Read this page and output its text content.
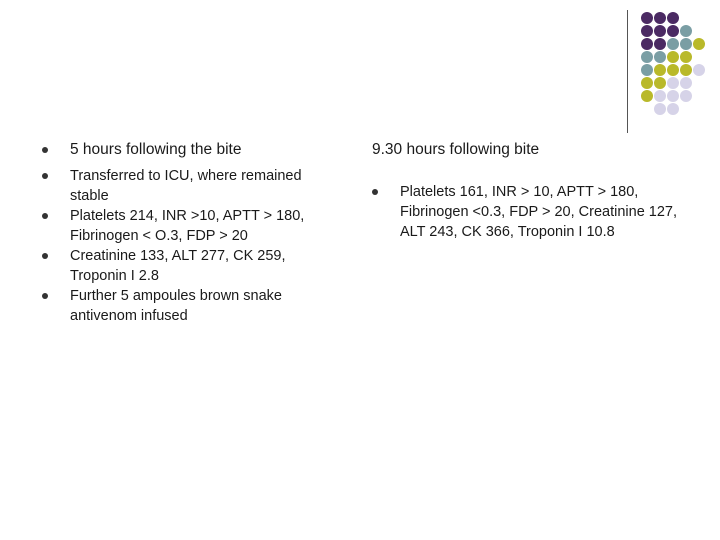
5 hours following the bite
Transferred to ICU, where remained stable
Platelets 214, INR >10, APTT > 180, Fibrinogen < O.3, FDP > 20
Creatinine 133, ALT 277, CK 259, Troponin I 2.8
Further 5 ampoules brown snake antivenom infused
9.30 hours following bite
Platelets 161, INR > 10, APTT > 180, Fibrinogen <0.3, FDP > 20, Creatinine 127, ALT 243, CK 366, Troponin I 10.8
